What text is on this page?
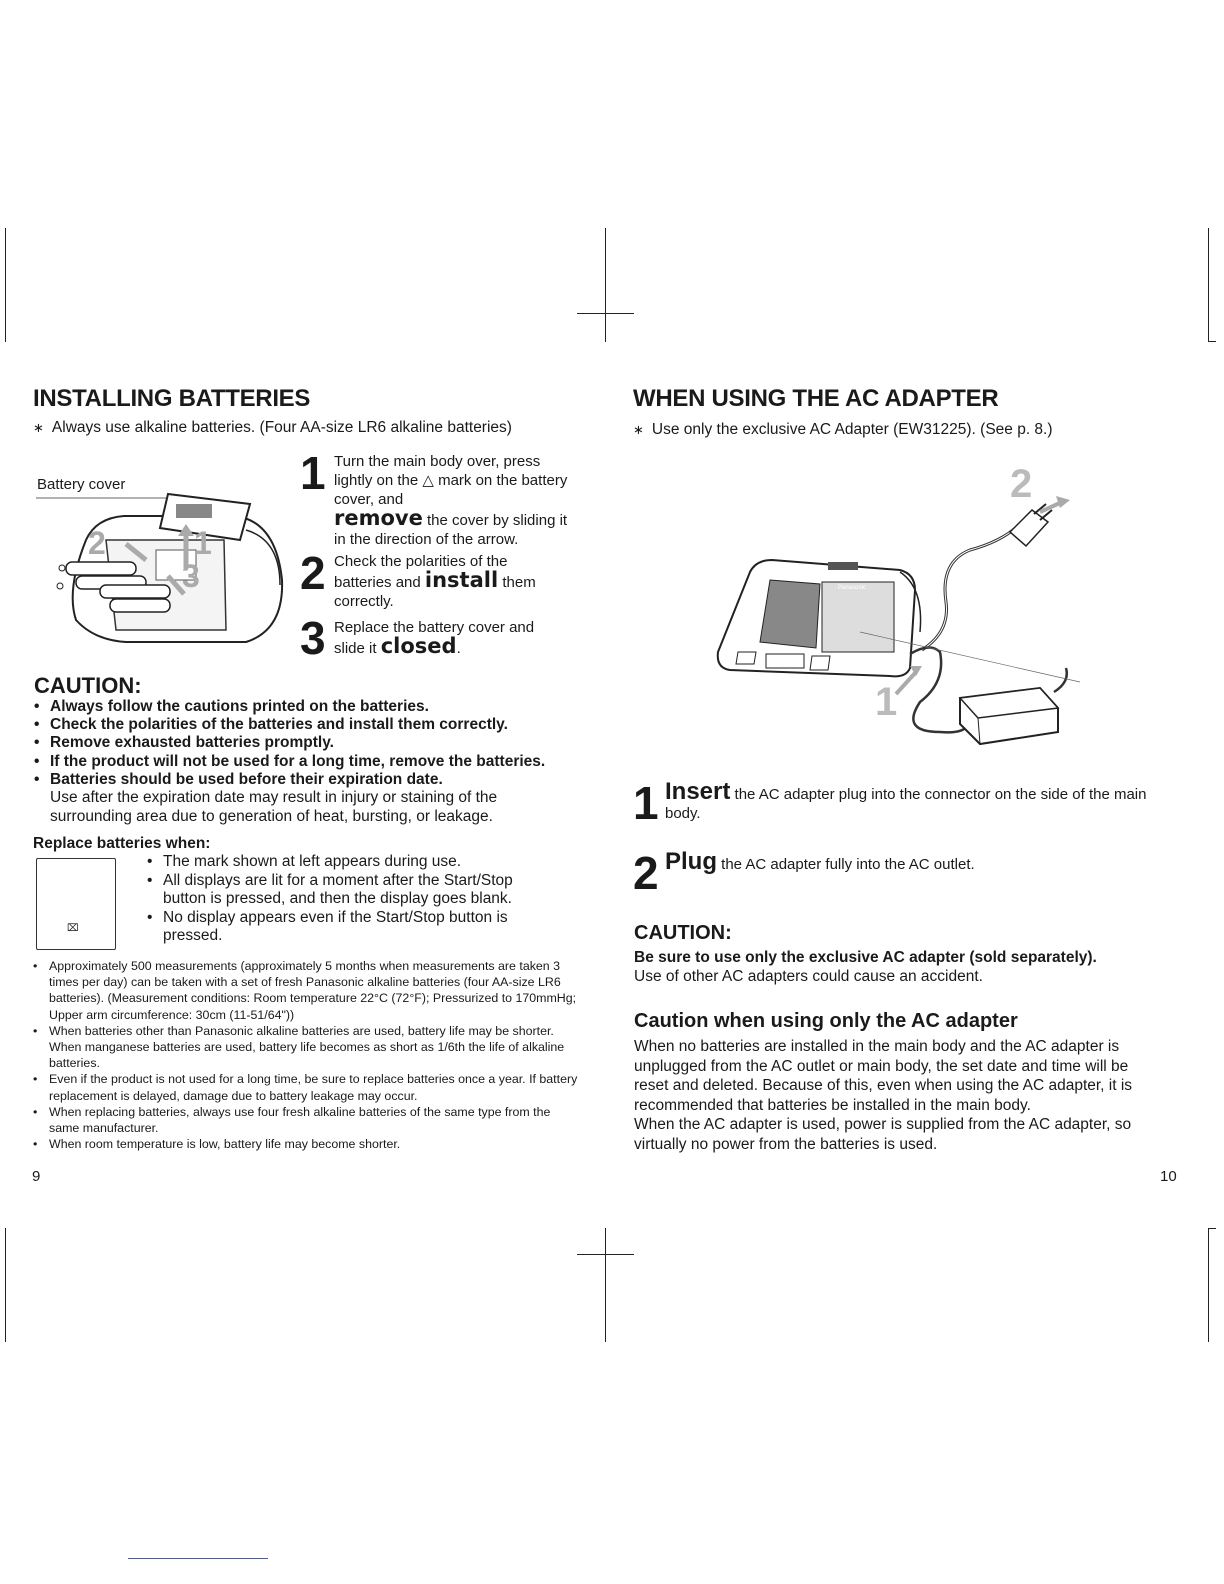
INSTALLING BATTERIES

∗ Always use alkaline batteries. (Four AA-size LR6 alkaline batteries)

Battery cover
2	1
3
1 Turn the main body over, press lightly on the △ mark on the battery cover, and
remove the cover by sliding it in the direction of the arrow.

2 Check the polarities of the batteries and install them correctly.

3 Replace the battery cover and slide it closed.

CAUTION:

• Always follow the cautions printed on the batteries.
• Check the polarities of the batteries and install them correctly.
• Remove exhausted batteries promptly.
• If the product will not be used for a long time, remove the batteries.
• Batteries should be used before their expiration date.

Use after the expiration date may result in injury or staining of the surrounding area due to generation of heat, bursting, or leakage.

Replace batteries when:

⌧
• The mark shown at left appears during use.
• All displays are lit for a moment after the Start/Stop button is pressed, and then the display goes blank.
• No display appears even if the Start/Stop button is pressed.
• Approximately 500 measurements (approximately 5 months when measurements are taken 3 times per day) can be taken with a set of fresh Panasonic alkaline batteries (four AA-size LR6 batteries). (Measurement conditions: Room temperature 22°C (72°F); Pressurized to 170mmHg; Upper arm circumference: 30cm (11-51/64"))
• When batteries other than Panasonic alkaline batteries are used, battery life may be shorter. When manganese batteries are used, battery life becomes as short as 1/6th the life of alkaline batteries.
• Even if the product is not used for a long time, be sure to replace batteries once a year. If battery replacement is delayed, damage due to battery leakage may occur.
• When replacing batteries, always use four fresh alkaline batteries of the same type from the same manufacturer.
• When room temperature is low, battery life may become shorter.
9
WHEN USING THE AC ADAPTER

∗ Use only the exclusive AC Adapter (EW31225). (See p. 8.)

2
1
Panasonic
1 Insert the AC adapter plug into the connector on the side of the main body.

2 Plug the AC adapter fully into the AC outlet.

CAUTION:

Be sure to use only the exclusive AC adapter (sold separately).

Use of other AC adapters could cause an accident.

Caution when using only the AC adapter

When no batteries are installed in the main body and the AC adapter is unplugged from the AC outlet or main body, the set date and time will be reset and deleted. Because of this, even when using the AC adapter, it is recommended that batteries be installed in the main body.

When the AC adapter is used, power is supplied from the AC adapter, so virtually no power from the batteries is used.

10
